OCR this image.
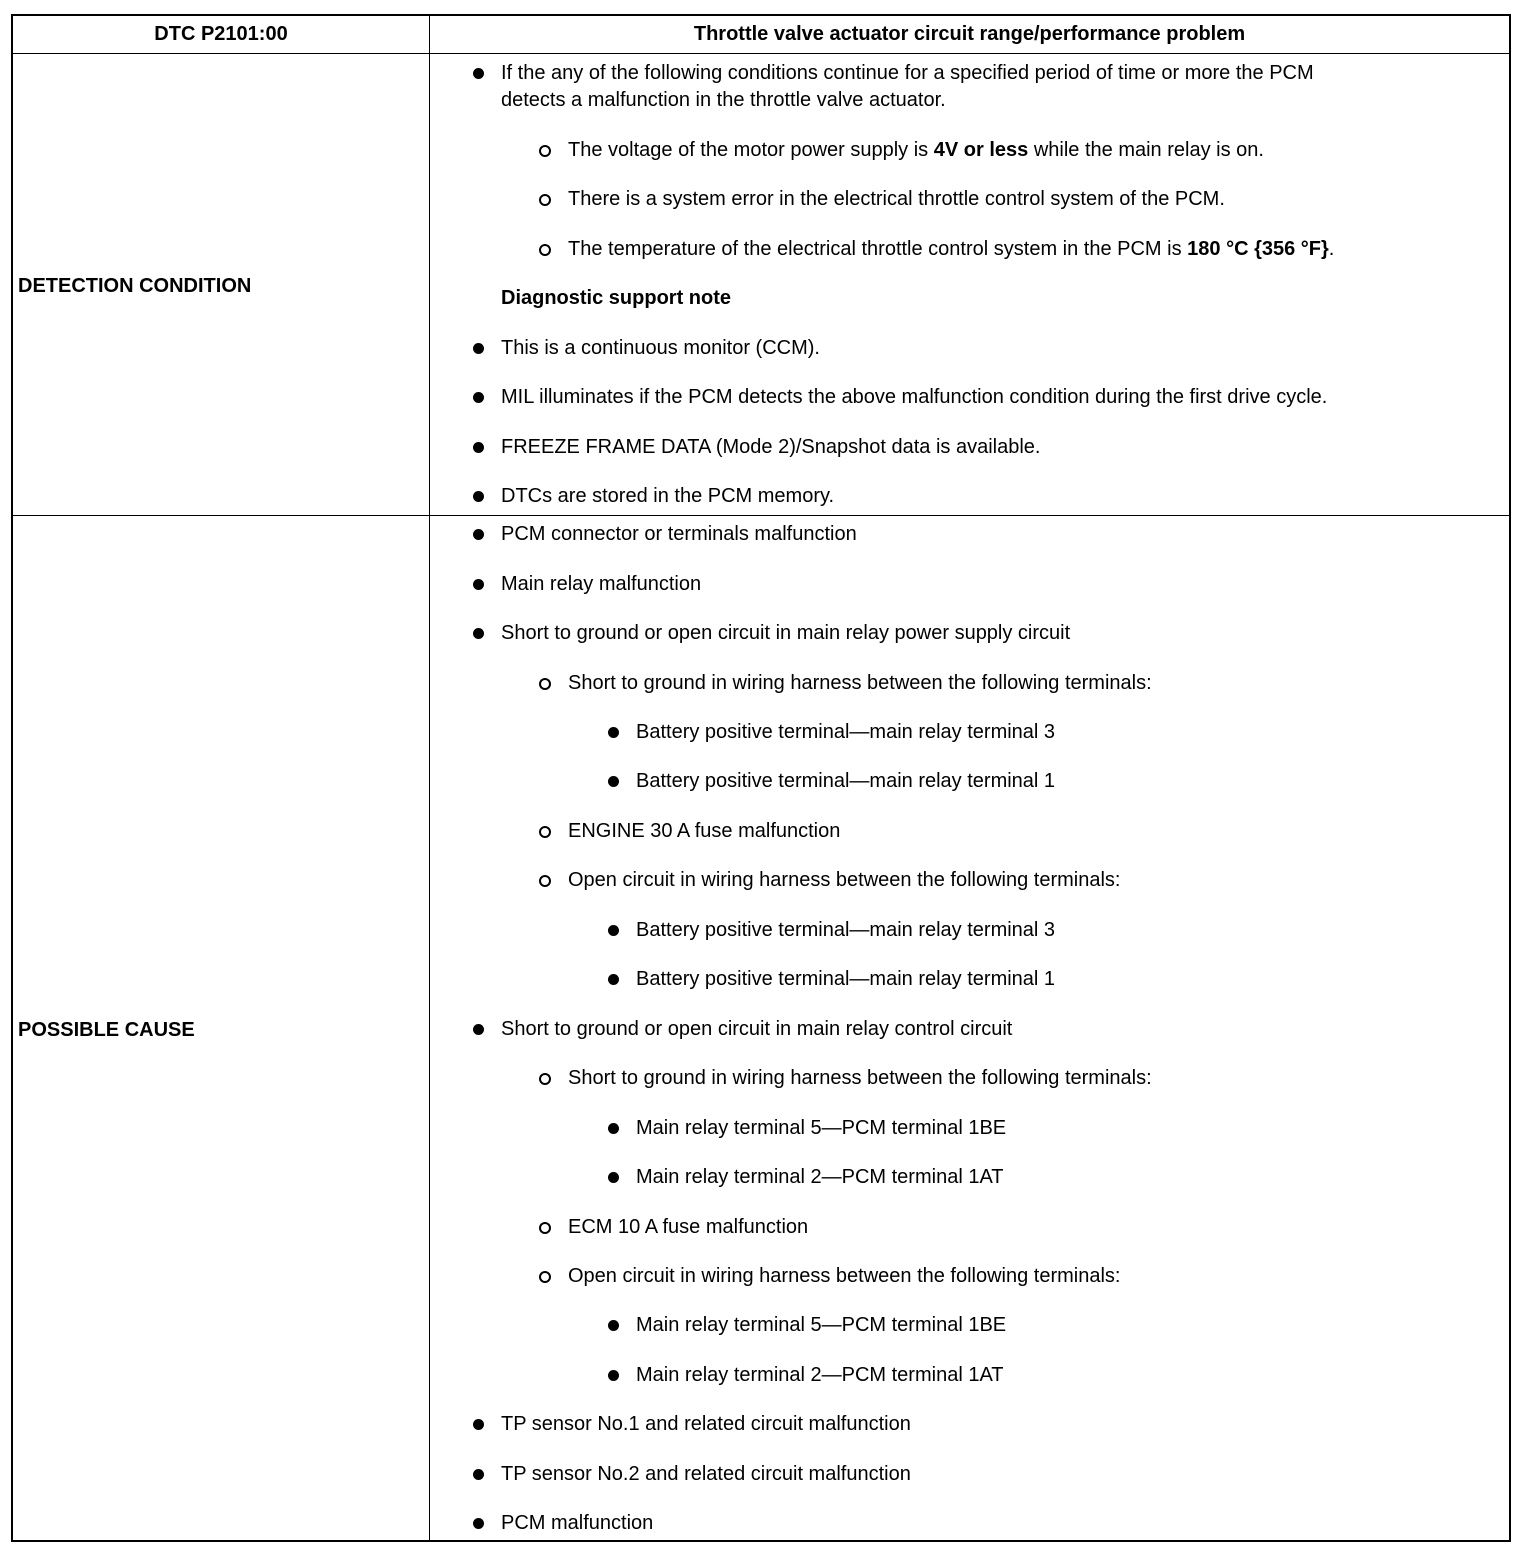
DTC P2101:00	Throttle valve actuator circuit range/performance problem
DETECTION CONDITION
POSSIBLE CAUSE
If the any of the following conditions continue for a specified period of time or more the PCM
detects a malfunction in the throttle valve actuator.
The voltage of the motor power supply is 4V or less while the main relay is on.
There is a system error in the electrical throttle control system of the PCM.
The temperature of the electrical throttle control system in the PCM is 180 °C {356 °F}.
Diagnostic support note
This is a continuous monitor (CCM).
MIL illuminates if the PCM detects the above malfunction condition during the first drive cycle.
FREEZE FRAME DATA (Mode 2)/Snapshot data is available.
DTCs are stored in the PCM memory.
PCM connector or terminals malfunction
Main relay malfunction
Short to ground or open circuit in main relay power supply circuit
Short to ground in wiring harness between the following terminals:
Battery positive terminal—main relay terminal 3
Battery positive terminal—main relay terminal 1
ENGINE 30 A fuse malfunction
Open circuit in wiring harness between the following terminals:
Battery positive terminal—main relay terminal 3
Battery positive terminal—main relay terminal 1
Short to ground or open circuit in main relay control circuit
Short to ground in wiring harness between the following terminals:
Main relay terminal 5—PCM terminal 1BE
Main relay terminal 2—PCM terminal 1AT
ECM 10 A fuse malfunction
Open circuit in wiring harness between the following terminals:
Main relay terminal 5—PCM terminal 1BE
Main relay terminal 2—PCM terminal 1AT
TP sensor No.1 and related circuit malfunction
TP sensor No.2 and related circuit malfunction
PCM malfunction
